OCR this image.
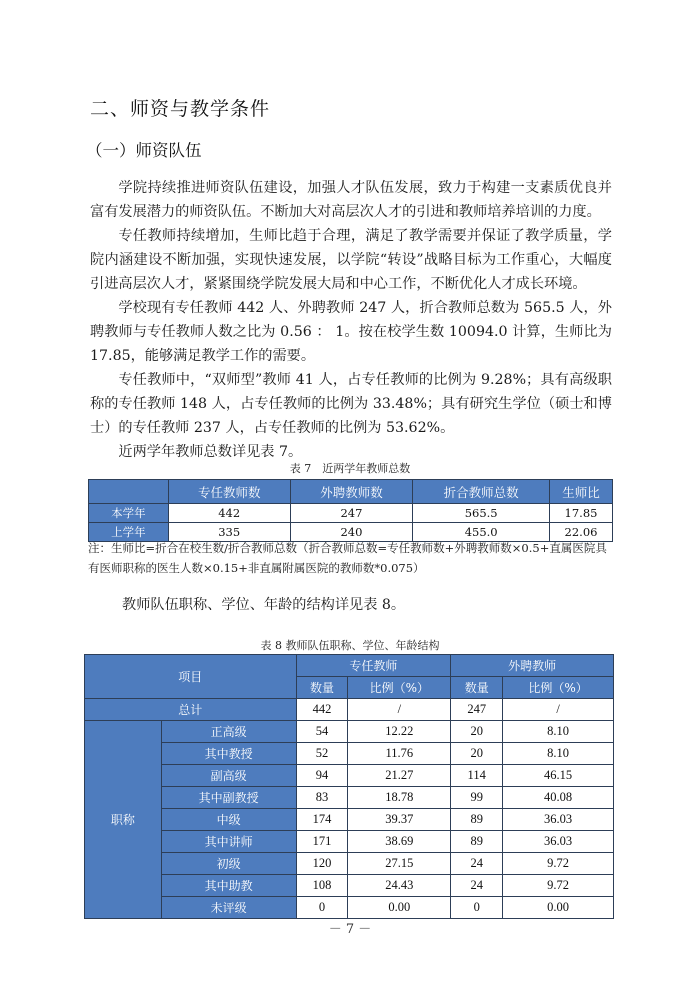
二、师资与教学条件
（一）师资队伍

学院持续推进师资队伍建设，加强人才队伍发展，致力于构建一支素质优良并富有发展潜力的师资队伍。不断加大对高层次人才的引进和教师培养培训的力度。

专任教师持续增加，生师比趋于合理，满足了教学需要并保证了教学质量，学院内涵建设不断加强，实现快速发展，以学院“转设”战略目标为工作重心，大幅度引进高层次人才，紧紧围绕学院发展大局和中心工作，不断优化人才成长环境。

学校现有专任教师 442 人、外聘教师 247 人，折合教师总数为 565.5 人，外聘教师与专任教师人数之比为 0.56 ： 1。按在校学生数 10094.0 计算，生师比为 17.85，能够满足教学工作的需要。

专任教师中，“双师型”教师 41 人，占专任教师的比例为 9.28%；具有高级职称的专任教师 148 人，占专任教师的比例为 33.48%；具有研究生学位（硕士和博士）的专任教师 237 人，占专任教师的比例为 53.62%。

近两学年教师总数详见表 7。

表 7　近两学年教师总数
	专任教师数	外聘教师数	折合教师总数	生师比
本学年	442	247	565.5	17.85
上学年	335	240	455.0	22.06
注：生师比=折合在校生数/折合教师总数（折合教师总数=专任教师数+外聘教师数×0.5+直属医院具有医师职称的医生人数×0.15+非直属附属医院的教师数*0.075）
教师队伍职称、学位、年龄的结构详见表 8。
表 8 教师队伍职称、学位、年龄结构
项目		专任教师		外聘教师	
		数量	比例（%）	数量	比例（%）
总计		442	/	247	/
职称	正高级	54	12.22	20	8.10
	其中教授	52	11.76	20	8.10
	副高级	94	21.27	114	46.15
	其中副教授	83	18.78	99	40.08
	中级	174	39.37	89	36.03
	其中讲师	171	38.69	89	36.03
	初级	120	27.15	24	9.72
	其中助教	108	24.43	24	9.72
	未评级	0	0.00	0	0.00
－ 7 －
